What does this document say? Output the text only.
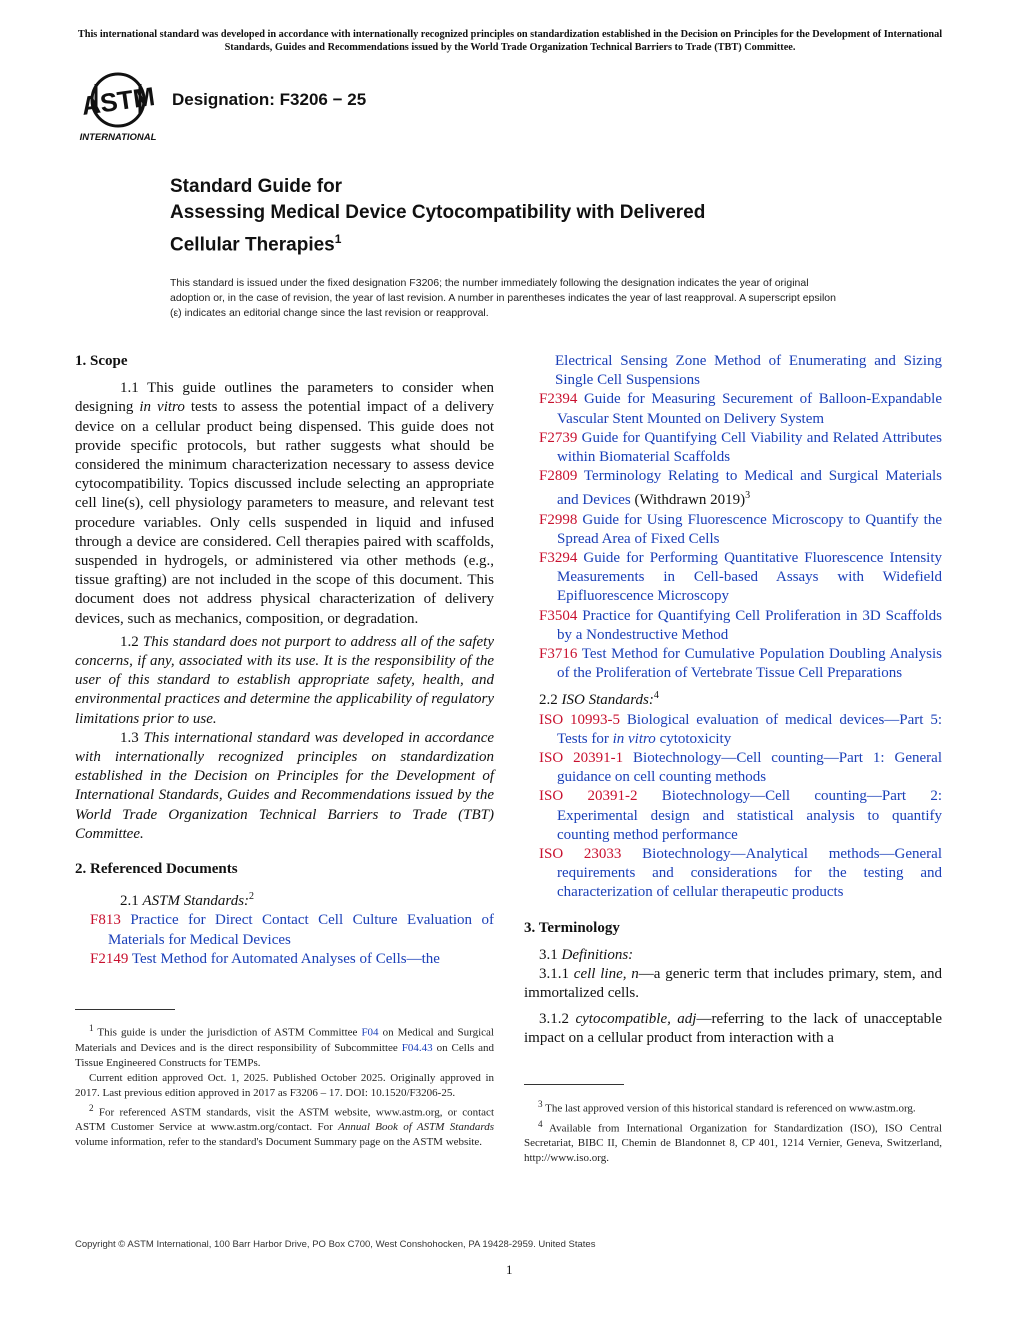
This international standard was developed in accordance with internationally recognized principles on standardization established in the Decision on Principles for the Development of International Standards, Guides and Recommendations issued by the World Trade Organization Technical Barriers to Trade (TBT) Committee.
ASTM
INTERNATIONAL
Designation: F3206 − 25
Standard Guide for
Assessing Medical Device Cytocompatibility with Delivered
Cellular Therapies$^1$
This standard is issued under the fixed designation F3206; the number immediately following the designation indicates the year of original adoption or, in the case of revision, the year of last revision. A number in parentheses indicates the year of last reapproval. A superscript epsilon (ε) indicates an editorial change since the last revision or reapproval.
1. Scope

1.1 This guide outlines the parameters to consider when designing in vitro tests to assess the potential impact of a delivery device on a cellular product being dispensed. This guide does not provide specific protocols, but rather suggests what should be considered the minimum characterization necessary to assess device cytocompatibility. Topics discussed include selecting an appropriate cell line(s), cell physiology parameters to measure, and relevant test procedure variables. Only cells suspended in liquid and infused through a device are considered. Cell therapies paired with scaffolds, suspended in hydrogels, or administered via other methods (e.g., tissue grafting) are not included in the scope of this document. This document does not address physical characterization of delivery devices, such as mechanics, composition, or degradation.

1.2 This standard does not purport to address all of the safety concerns, if any, associated with its use. It is the responsibility of the user of this standard to establish appropriate safety, health, and environmental practices and determine the applicability of regulatory limitations prior to use.

1.3 This international standard was developed in accordance with internationally recognized principles on standardization established in the Decision on Principles for the Development of International Standards, Guides and Recommendations issued by the World Trade Organization Technical Barriers to Trade (TBT) Committee.

2. Referenced Documents

2.1 ASTM Standards:$^2$

F813 Practice for Direct Contact Cell Culture Evaluation of Materials for Medical Devices

F2149 Test Method for Automated Analyses of Cells—the

$^1$ This guide is under the jurisdiction of ASTM Committee F04 on Medical and Surgical Materials and Devices and is the direct responsibility of Subcommittee F04.43 on Cells and Tissue Engineered Constructs for TEMPs.

Current edition approved Oct. 1, 2025. Published October 2025. Originally approved in 2017. Last previous edition approved in 2017 as F3206 – 17. DOI: 10.1520/F3206-25.

$^2$ For referenced ASTM standards, visit the ASTM website, www.astm.org, or contact ASTM Customer Service at www.astm.org/contact. For Annual Book of ASTM Standards volume information, refer to the standard's Document Summary page on the ASTM website.

Electrical Sensing Zone Method of Enumerating and Sizing Single Cell Suspensions

F2394 Guide for Measuring Securement of Balloon-Expandable Vascular Stent Mounted on Delivery System

F2739 Guide for Quantifying Cell Viability and Related Attributes within Biomaterial Scaffolds

F2809 Terminology Relating to Medical and Surgical Materials and Devices (Withdrawn 2019)$^3$

F2998 Guide for Using Fluorescence Microscopy to Quantify the Spread Area of Fixed Cells

F3294 Guide for Performing Quantitative Fluorescence Intensity Measurements in Cell-based Assays with Widefield Epifluorescence Microscopy

F3504 Practice for Quantifying Cell Proliferation in 3D Scaffolds by a Nondestructive Method

F3716 Test Method for Cumulative Population Doubling Analysis of the Proliferation of Vertebrate Tissue Cell Preparations

2.2 ISO Standards:$^4$

ISO 10993-5 Biological evaluation of medical devices—Part 5: Tests for in vitro cytotoxicity

ISO 20391-1 Biotechnology—Cell counting—Part 1: General guidance on cell counting methods

ISO 20391-2 Biotechnology—Cell counting—Part 2: Experimental design and statistical analysis to quantify counting method performance

ISO 23033 Biotechnology—Analytical methods—General requirements and considerations for the testing and characterization of cellular therapeutic products

3. Terminology

3.1 Definitions:

3.1.1 cell line, n—a generic term that includes primary, stem, and immortalized cells.

3.1.2 cytocompatible, adj—referring to the lack of unacceptable impact on a cellular product from interaction with a

$^3$ The last approved version of this historical standard is referenced on www.astm.org.

$^4$ Available from International Organization for Standardization (ISO), ISO Central Secretariat, BIBC II, Chemin de Blandonnet 8, CP 401, 1214 Vernier, Geneva, Switzerland, http://www.iso.org.

Copyright © ASTM International, 100 Barr Harbor Drive, PO Box C700, West Conshohocken, PA 19428-2959. United States
1
